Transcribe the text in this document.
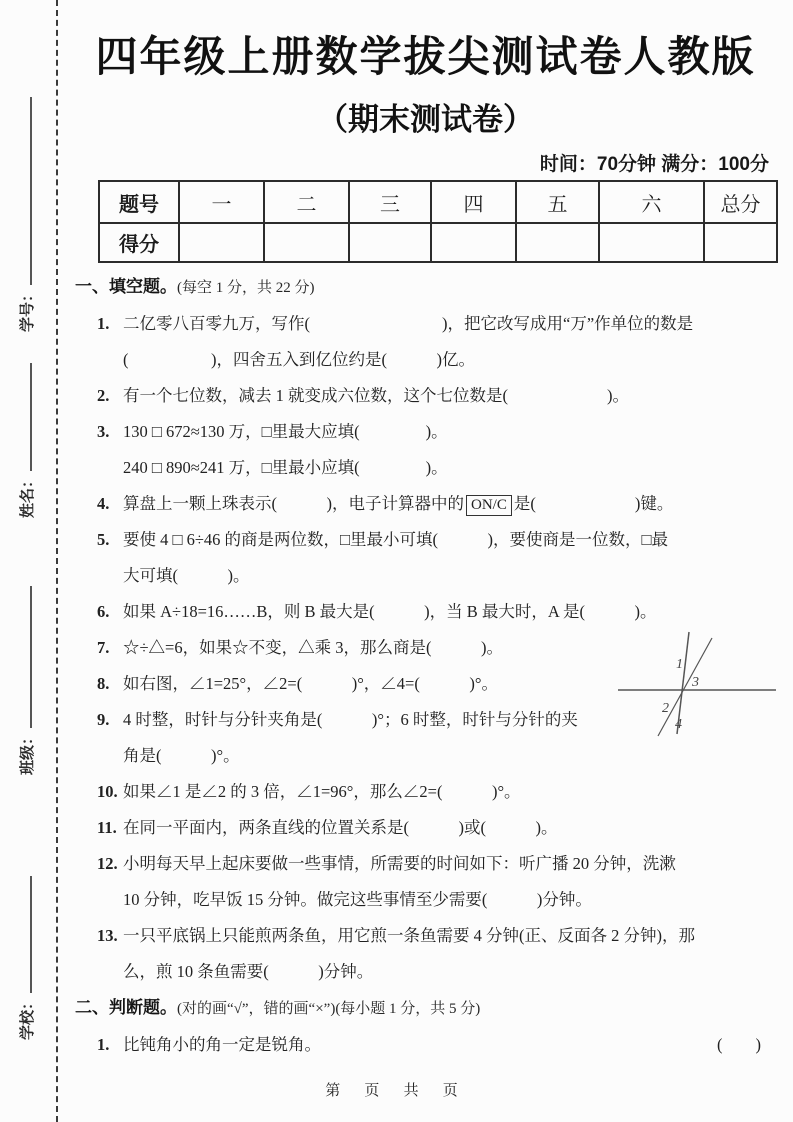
学号：
姓名：
班级：
学校：
四年级上册数学拔尖测试卷人教版
（期末测试卷）
时间：70分钟 满分：100分
题号	一	二	三	四	五	六	总分
得分							
一、填空题。(每空 1 分，共 22 分)
1. 二亿零八百零九万，写作(　　　　　　　　)，把它改写成用“万”作单位的数是
(　　　　　)，四舍五入到亿位约是(　　　)亿。
2. 有一个七位数，减去 1 就变成六位数，这个七位数是(　　　　　　)。
3. 130 □ 672≈130 万，□里最大应填(　　　　)。
240 □ 890≈241 万，□里最小应填(　　　　)。
4. 算盘上一颗上珠表示(　　　)，电子计算器中的 ON/C 是(　　　　　　)键。
5. 要使 4 □ 6÷46 的商是两位数，□里最小可填(　　　)，要使商是一位数，□最
大可填(　　　)。
6. 如果 A÷18=16……B，则 B 最大是(　　　)，当 B 最大时，A 是(　　　)。
7. ☆÷△=6，如果☆不变，△乘 3，那么商是(　　　)。
8. 如右图，∠1=25°，∠2=(　　　)°，∠4=(　　　)°。
9. 4 时整，时针与分针夹角是(　　　)°；6 时整，时针与分针的夹
角是(　　　)°。
10. 如果∠1 是∠2 的 3 倍，∠1=96°，那么∠2=(　　　)°。
11. 在同一平面内，两条直线的位置关系是(　　　)或(　　　)。
12. 小明每天早上起床要做一些事情，所需要的时间如下：听广播 20 分钟，洗漱
10 分钟，吃早饭 15 分钟。做完这些事情至少需要(　　　)分钟。
13. 一只平底锅上只能煎两条鱼，用它煎一条鱼需要 4 分钟(正、反面各 2 分钟)，那
么，煎 10 条鱼需要(　　　)分钟。
二、判断题。(对的画“√”，错的画“×”)(每小题 1 分，共 5 分)
1. 比钝角小的角一定是锐角。	(　　)
1
3
2
4
第 页 共 页
